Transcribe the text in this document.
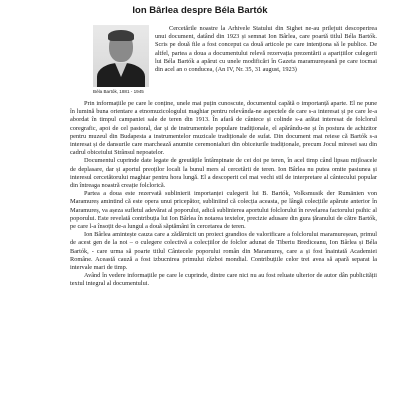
Ion Bârlea despre Béla Bartók
Béla Bartók, 1881 - 1945

Cercetările noastre la Arhivele Statului din Sighet ne-au prilejuit descoperirea unui document, datând din 1923 și semnat Ion Bârlea, care poartă titlul Béla Bartók. Scris pe două file a fost conceput ca două articole pe care intenționa să le publice. De altfel, partea a doua a documentului relevă rezervația prezentării a aparițiilor culegerii lui Béla Bartók a apărut cu unele modificări în Gazeta maramureșeană pe care tocmai din acel an o conducea, (An IV, Nr. 35, 31 august, 1923)

Prin informațiile pe care le conține, unele mai puțin cunoscute, documentul capătă o importanță aparte. El ne pune în lumină buna orientare a etnomuzicologului maghiar pentru relevânda-ne aspectele de care s-a interesat și pe care le-a abordat în timpul campaniei sale de teren din 1913. În afară de cântece și colinde s-a arătat interesat de folclorul coregrafic, apoi de cel pastoral, dar și de instrumentele populare tradiționale, el apărându-ne și în postura de achizitor pentru muzeul din Budapesta a instrumentelor muzicale tradiționale de sufat. Din document mai reiese că Bartók s-a interesat și de dansurile care marchează anumite ceremonialuri din obiceiurile tradiționale, precum Jocul miresei sau din cadrul obiceiului Strânsul nepoatelor.

Documentul cuprinde date legate de greutățile întâmpinate de cei doi pe teren, în acel timp când lipsau mijloacele de deplasare, dar și aportul preoților locali la bunul mers al cercetării de teren. Ion Bârlea nu putea omite pasiunea și interesul cercetătorului maghiar pentru hora lungă. El a descoperit cel mai vechi stil de interpretare al cântecului popular din întreaga noastră creație folclorică.

Partea a doua este rezervată sublinierii importanței culegerii lui B. Bartók, Volksmusik der Rumänien von Maramureș amintind că este opera unui pricepător, subliniind că colecția aceasta, pe lângă colecțiile apărute anterior în Maramureș, va așeza sufletul adevărat al poporului, adică sublinierea aportului folclorului în revelarea factorului psihic al poporului. Este revelată contribuția lui Ion Bârlea în notarea textelor, precizie adusare din gura țăranului de către Bartók, pe care l-a însoțit de-a lungul a două săptămâni în cercetarea de teren.

Ion Bârlea amintește cauza care a zădărnicit un proiect grandios de valorificare a folclorului maramureșean, primul de acest gen de la noi – o culegere colectivă a colecțiilor de folclor adunat de Tiberiu Brediceanu, Ion Bârlea și Béla Bartók, - care urma să poarte titlul Cântecele poporului român din Maramureș, care a și fost înaintată Academiei Române. Această cauză a fost izbucnirea primului război mondial. Contribuțiile celor trei avea să apară separat la intervale mari de timp.

Având în vedere informațiile pe care le cuprinde, dintre care nici nu au fost reluate ulterior de autor dân publicității textul integral al documentului.
